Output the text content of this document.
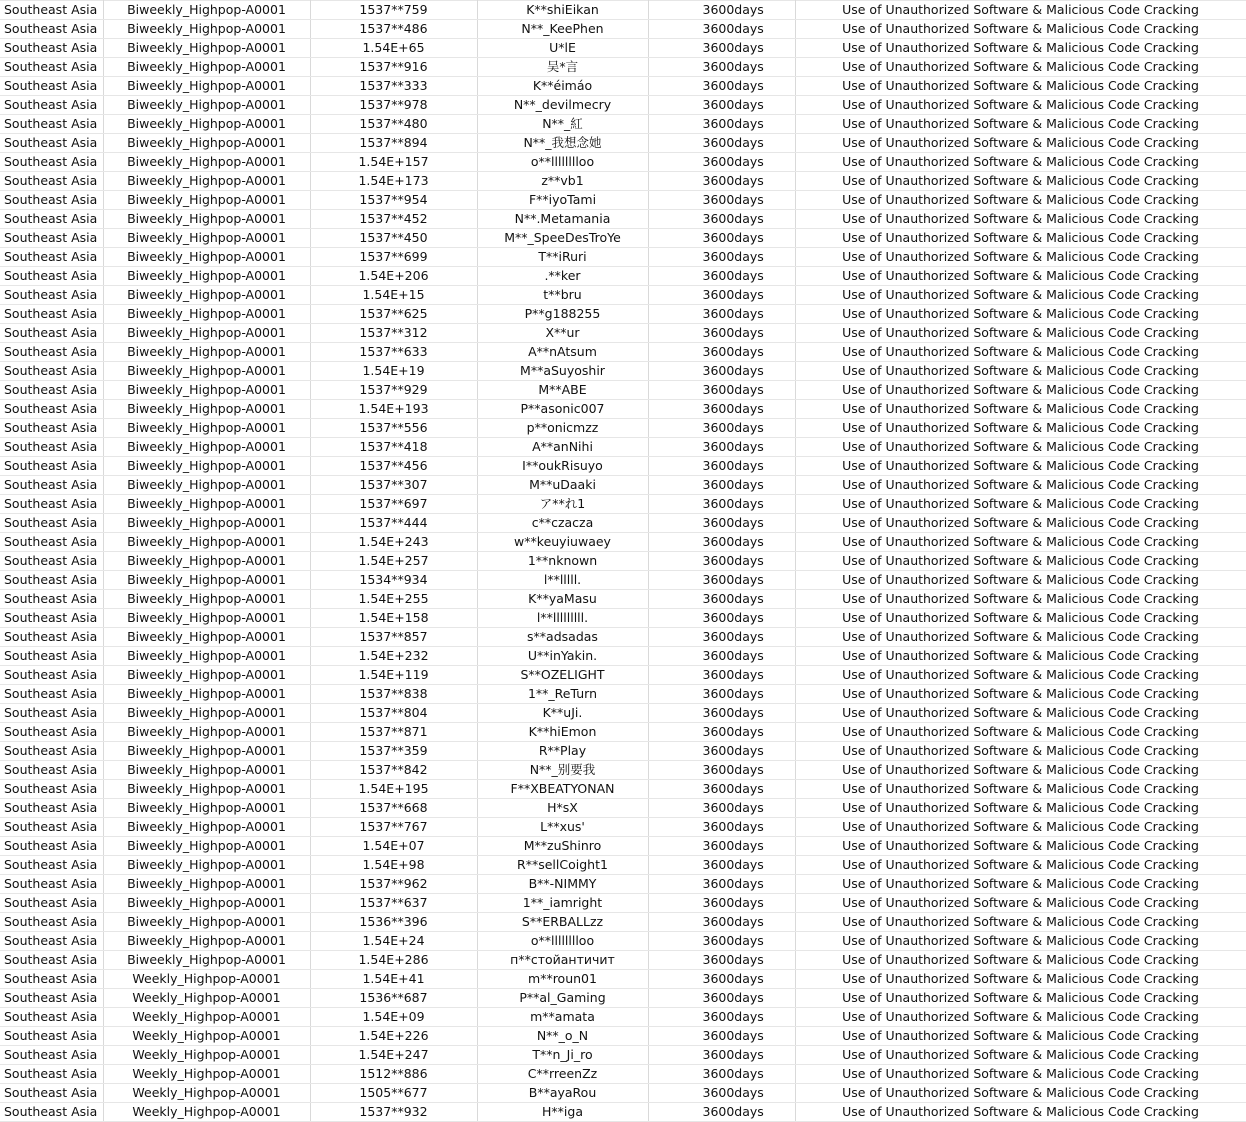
Southeast Asia	Biweekly_Highpop-A0001	1537**759	K**shiEikan	3600days	Use of Unauthorized Software & Malicious Code Cracking
Southeast Asia	Biweekly_Highpop-A0001	1537**486	N**_KeePhen	3600days	Use of Unauthorized Software & Malicious Code Cracking
Southeast Asia	Biweekly_Highpop-A0001	1.54E+65	U*lE	3600days	Use of Unauthorized Software & Malicious Code Cracking
Southeast Asia	Biweekly_Highpop-A0001	1537**916	吴*言	3600days	Use of Unauthorized Software & Malicious Code Cracking
Southeast Asia	Biweekly_Highpop-A0001	1537**333	K**éimáo	3600days	Use of Unauthorized Software & Malicious Code Cracking
Southeast Asia	Biweekly_Highpop-A0001	1537**978	N**_devilmecry	3600days	Use of Unauthorized Software & Malicious Code Cracking
Southeast Asia	Biweekly_Highpop-A0001	1537**480	N**_紅	3600days	Use of Unauthorized Software & Malicious Code Cracking
Southeast Asia	Biweekly_Highpop-A0001	1537**894	N**_我想念她	3600days	Use of Unauthorized Software & Malicious Code Cracking
Southeast Asia	Biweekly_Highpop-A0001	1.54E+157	o**lllllllloo	3600days	Use of Unauthorized Software & Malicious Code Cracking
Southeast Asia	Biweekly_Highpop-A0001	1.54E+173	z**vb1	3600days	Use of Unauthorized Software & Malicious Code Cracking
Southeast Asia	Biweekly_Highpop-A0001	1537**954	F**iyoTami	3600days	Use of Unauthorized Software & Malicious Code Cracking
Southeast Asia	Biweekly_Highpop-A0001	1537**452	N**.Metamania	3600days	Use of Unauthorized Software & Malicious Code Cracking
Southeast Asia	Biweekly_Highpop-A0001	1537**450	M**_SpeeDesTroYe	3600days	Use of Unauthorized Software & Malicious Code Cracking
Southeast Asia	Biweekly_Highpop-A0001	1537**699	T**iRuri	3600days	Use of Unauthorized Software & Malicious Code Cracking
Southeast Asia	Biweekly_Highpop-A0001	1.54E+206	.**ker	3600days	Use of Unauthorized Software & Malicious Code Cracking
Southeast Asia	Biweekly_Highpop-A0001	1.54E+15	t**bru	3600days	Use of Unauthorized Software & Malicious Code Cracking
Southeast Asia	Biweekly_Highpop-A0001	1537**625	P**g188255	3600days	Use of Unauthorized Software & Malicious Code Cracking
Southeast Asia	Biweekly_Highpop-A0001	1537**312	X**ur	3600days	Use of Unauthorized Software & Malicious Code Cracking
Southeast Asia	Biweekly_Highpop-A0001	1537**633	A**nAtsum	3600days	Use of Unauthorized Software & Malicious Code Cracking
Southeast Asia	Biweekly_Highpop-A0001	1.54E+19	M**aSuyoshir	3600days	Use of Unauthorized Software & Malicious Code Cracking
Southeast Asia	Biweekly_Highpop-A0001	1537**929	M**ABE	3600days	Use of Unauthorized Software & Malicious Code Cracking
Southeast Asia	Biweekly_Highpop-A0001	1.54E+193	P**asonic007	3600days	Use of Unauthorized Software & Malicious Code Cracking
Southeast Asia	Biweekly_Highpop-A0001	1537**556	p**onicmzz	3600days	Use of Unauthorized Software & Malicious Code Cracking
Southeast Asia	Biweekly_Highpop-A0001	1537**418	A**anNihi	3600days	Use of Unauthorized Software & Malicious Code Cracking
Southeast Asia	Biweekly_Highpop-A0001	1537**456	I**oukRisuyo	3600days	Use of Unauthorized Software & Malicious Code Cracking
Southeast Asia	Biweekly_Highpop-A0001	1537**307	M**uDaaki	3600days	Use of Unauthorized Software & Malicious Code Cracking
Southeast Asia	Biweekly_Highpop-A0001	1537**697	ア**れ1	3600days	Use of Unauthorized Software & Malicious Code Cracking
Southeast Asia	Biweekly_Highpop-A0001	1537**444	c**czacza	3600days	Use of Unauthorized Software & Malicious Code Cracking
Southeast Asia	Biweekly_Highpop-A0001	1.54E+243	w**keuyiuwaey	3600days	Use of Unauthorized Software & Malicious Code Cracking
Southeast Asia	Biweekly_Highpop-A0001	1.54E+257	1**nknown	3600days	Use of Unauthorized Software & Malicious Code Cracking
Southeast Asia	Biweekly_Highpop-A0001	1534**934	l**lllll.	3600days	Use of Unauthorized Software & Malicious Code Cracking
Southeast Asia	Biweekly_Highpop-A0001	1.54E+255	K**yaMasu	3600days	Use of Unauthorized Software & Malicious Code Cracking
Southeast Asia	Biweekly_Highpop-A0001	1.54E+158	l**lllllllll.	3600days	Use of Unauthorized Software & Malicious Code Cracking
Southeast Asia	Biweekly_Highpop-A0001	1537**857	s**adsadas	3600days	Use of Unauthorized Software & Malicious Code Cracking
Southeast Asia	Biweekly_Highpop-A0001	1.54E+232	U**inYakin.	3600days	Use of Unauthorized Software & Malicious Code Cracking
Southeast Asia	Biweekly_Highpop-A0001	1.54E+119	S**OZELIGHT	3600days	Use of Unauthorized Software & Malicious Code Cracking
Southeast Asia	Biweekly_Highpop-A0001	1537**838	1**_ReTurn	3600days	Use of Unauthorized Software & Malicious Code Cracking
Southeast Asia	Biweekly_Highpop-A0001	1537**804	K**uJi.	3600days	Use of Unauthorized Software & Malicious Code Cracking
Southeast Asia	Biweekly_Highpop-A0001	1537**871	K**hiEmon	3600days	Use of Unauthorized Software & Malicious Code Cracking
Southeast Asia	Biweekly_Highpop-A0001	1537**359	R**Play	3600days	Use of Unauthorized Software & Malicious Code Cracking
Southeast Asia	Biweekly_Highpop-A0001	1537**842	N**_别要我	3600days	Use of Unauthorized Software & Malicious Code Cracking
Southeast Asia	Biweekly_Highpop-A0001	1.54E+195	F**XBEATYONAN	3600days	Use of Unauthorized Software & Malicious Code Cracking
Southeast Asia	Biweekly_Highpop-A0001	1537**668	H*sX	3600days	Use of Unauthorized Software & Malicious Code Cracking
Southeast Asia	Biweekly_Highpop-A0001	1537**767	L**xus'	3600days	Use of Unauthorized Software & Malicious Code Cracking
Southeast Asia	Biweekly_Highpop-A0001	1.54E+07	M**zuShinro	3600days	Use of Unauthorized Software & Malicious Code Cracking
Southeast Asia	Biweekly_Highpop-A0001	1.54E+98	R**sellCoight1	3600days	Use of Unauthorized Software & Malicious Code Cracking
Southeast Asia	Biweekly_Highpop-A0001	1537**962	B**-NIMMY	3600days	Use of Unauthorized Software & Malicious Code Cracking
Southeast Asia	Biweekly_Highpop-A0001	1537**637	1**_iamright	3600days	Use of Unauthorized Software & Malicious Code Cracking
Southeast Asia	Biweekly_Highpop-A0001	1536**396	S**ERBALLzz	3600days	Use of Unauthorized Software & Malicious Code Cracking
Southeast Asia	Biweekly_Highpop-A0001	1.54E+24	o**lllllllloo	3600days	Use of Unauthorized Software & Malicious Code Cracking
Southeast Asia	Biweekly_Highpop-A0001	1.54E+286	п**стойантичит	3600days	Use of Unauthorized Software & Malicious Code Cracking
Southeast Asia	Weekly_Highpop-A0001	1.54E+41	m**roun01	3600days	Use of Unauthorized Software & Malicious Code Cracking
Southeast Asia	Weekly_Highpop-A0001	1536**687	P**al_Gaming	3600days	Use of Unauthorized Software & Malicious Code Cracking
Southeast Asia	Weekly_Highpop-A0001	1.54E+09	m**amata	3600days	Use of Unauthorized Software & Malicious Code Cracking
Southeast Asia	Weekly_Highpop-A0001	1.54E+226	N**_o_N	3600days	Use of Unauthorized Software & Malicious Code Cracking
Southeast Asia	Weekly_Highpop-A0001	1.54E+247	T**n_Ji_ro	3600days	Use of Unauthorized Software & Malicious Code Cracking
Southeast Asia	Weekly_Highpop-A0001	1512**886	C**rreenZz	3600days	Use of Unauthorized Software & Malicious Code Cracking
Southeast Asia	Weekly_Highpop-A0001	1505**677	B**ayaRou	3600days	Use of Unauthorized Software & Malicious Code Cracking
Southeast Asia	Weekly_Highpop-A0001	1537**932	H**iga	3600days	Use of Unauthorized Software & Malicious Code Cracking
